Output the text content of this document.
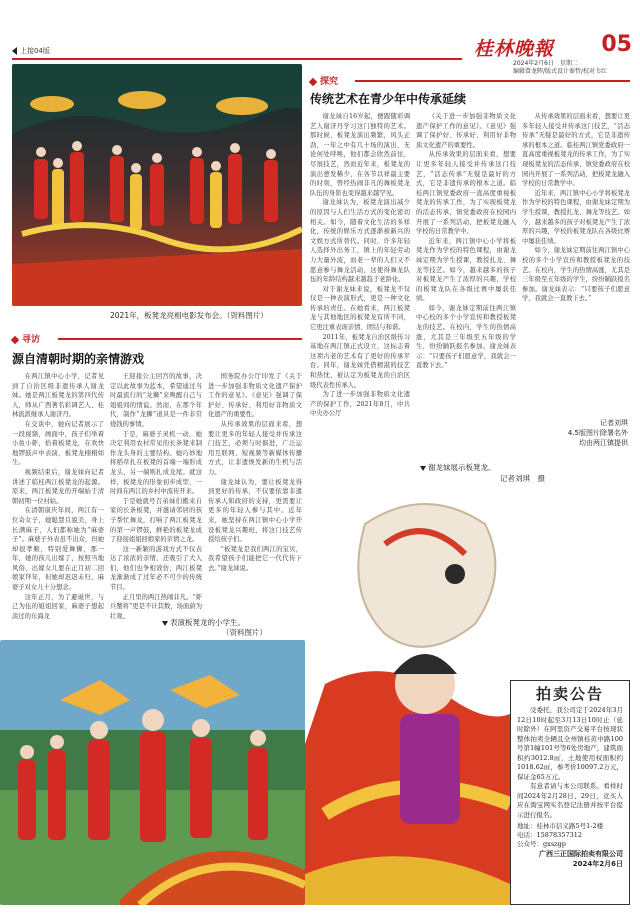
上接04版	桂林晚報 05
2024年2月6日　星期二
编辑曾龙晖/版式设计秦哲/校对韦红
2021年，板凳龙亮相电影发布会。（资料图片）
寻访
源自清朝时期的亲情游戏

在两江镇中心小学，记者见到了自治区级非遗传承人谢龙妹。她是两江板凳龙的第四代传人，师从广西著名彩调艺人、桂林流派继承人谢济丹。

在交谈中，她向记者展示了一段视频，画面中，孩子们举着小鱼小虾，拾着板凳龙，在欢快地锣鼓声中表演，板凳龙栩栩如生。

视频结束后，谢龙妹向记者讲述了临桂两江板凳龙的起源。原来，两江板凳龙的开端始于清朝初期一位村姑。

在清朝康庆年间，两江有一位奇女子，她聪慧且貌美，身上长满麻子，人们都称她为“麻婆子”。麻婆子外表虽不出众，但她却很孝顺，特别爱舞狮，那一年，她的孩儿出嫁了，按照当地风俗，出嫁女儿要在正月初二回娘家拜年，但她却迟迟未归，麻婆子对女儿十分想念。

这年正月，为了避诞世，与己为伍的姐姐回家，麻婆子想起淡过的东海龙

王迎接公主回宫的故事，决定以此故事为蓝本，希望通过当时最流行的“龙狮”来唤醒自己与姐姐间的情谊。然而，在那个年代，制作“龙狮”道具是一件非常烧钱的事情。

于是，麻婆子灵机一动，她决定利用农村常见的长条凳来制作龙头身的主要结构。她巧妙地将稻草扎在板凳的首端一端形成龙头，另一端则扎成龙尾。就这样，板凳龙的形象初步成型，一时间在两江的乡村中流传开来。

于是她就号召弟妹们搬来自家的长条板凳，并邀请邻居的孩子帮忙舞龙，打响了两江板凳龙的第一声锣鼓，鲜艳的板凳龙成了迎接姐姐回娘家的亲情之龙。

这一新颖的游戏方式不仅表达了浓浓的亲情，还吸引了大人们，他们也争相效仿，两江板凳龙渐渐成了过年必不可少的传统节目。

正月里的两江热闹非凡。“虾兵蟹将”更是不计其数，场面蔚为壮观。

国务院办公厅印发了《关于进一步加强非物质文化遗产保护工作的意见》。《意见》强调了保护好、传承好、利用好非物质文化遗产的重要性。

从传承效果的层面来看，想要让更多的年轻人接受并传承这门技艺，必须与时俱进，广泛运用互联网、短视频等新媒体传播方式，让非遗焕发新的生机与活力。

谢龙妹认为，要让板凳龙得到更好的传承，不仅要依靠非遗传承人和政府的支持，更需要让更多的年轻人参与其中。近年来，她坚持在两江镇中心小学开设板凳龙兴趣班，将这门技艺传授给孩子们。

“板凳龙是我们两江的宝贝，我希望孩子们能把它一代代传下去。”谢龙妹说。

表演板凳龙的小学生。
（资料图片）
探究
传统艺术在青少年中传承延续

谢龙妹自16岁起，便跟随彩调艺人谢济丹学习这门独特的艺术。那时候，板凳龙演出频繁，风头正劲，一年之中有几十场的演出，无论何处呼唤，他们都会欣然前往，尽展技艺，然而近年来，板凳龙的演出愈发稀少，在各节以祥最主要的时刻，曾经热闹非凡的舞板凳龙队伍的身影也变得越来越罕见。

谢龙妹认为，板凳龙演出减少的原因与人们生活方式的变化密切相关。如今，随着文化生活的多样化，传统的娱乐方式逐渐被新兴的文娱方式所替代。同时，许多年轻人选择外出务工，镇上的年轻劳动力大量外流，而老一辈的人们又不愿意参与舞龙活动，这使得舞龙队伍的年龄结构越来越趋于老龄化。

对于谢龙妹来说，板凳龙不仅仅是一种表演形式，更是一种文化传承的责任。在她看来，两江板凳龙与其他地区的板凳龙有所不同，它更注重表现亲情、团结与和谐。

2011年，板凳龙自治区级传习基地在两江镇正式设立，这标志着这项古老的艺术有了更好的传承平台。同年，谢龙妹凭借精湛的技艺和热忱，被认定为板凳龙的自治区级代表性传承人。

为了进一步加强非物质文化遗产的保护工作，2021年8月，中共中央办公厅

《关于进一步加强非物质文化遗产保护工作的意见》。《意见》强调了保护好、传承好、利用好非物质文化遗产的重要性。

从传承效果的层面来看，想要让更多年轻人接受并传承这门技艺，“活态传承”无疑是最好的方式，它是非遗传承的根本之道。临桂两江镇党委政府一直高度重视板凳龙的传承工作，为了实现板凳龙的活态传承，镇党委政府在校园内开展了一系列活动，把板凳龙融入学校的日常教学中。

近年来，两江镇中心小学将板凳龙作为学校的特色课程，由谢龙妹定期为学生授课，教授扎龙、舞龙等技艺。如今，越来越多的孩子对板凳龙产生了浓厚的兴趣，学校的板凳龙队在各级比赛中屡获佳绩。

如今，谢龙妹定期前往两江镇中心校的多个小学宣传和教授板凳龙的技艺。在校内，学生的热情高涨，尤其是三年级至五年级的学生，纷纷踊跃报名参加。谢龙妹表示：“只要孩子们愿意学，我就会一直教下去。”

从传承效果的层面来看，想要让更多年轻人接受并传承这门技艺，“活态传承”无疑是最好的方式，它是非遗传承的根本之道。临桂两江镇党委政府一直高度重视板凳龙的传承工作，为了实现板凳龙的活态传承，镇党委政府在校园内开展了一系列活动，把板凳龙融入学校的日常教学中。

近年来，两江镇中心小学将板凳龙作为学校的特色课程，由谢龙妹定期为学生授课，教授扎龙、舞龙等技艺。如今，越来越多的孩子对板凳龙产生了浓厚的兴趣，学校的板凳龙队在各级比赛中屡获佳绩。

如今，谢龙妹定期前往两江镇中心校的多个小学宣传和教授板凳龙的技艺。在校内，学生的热情高涨，尤其是三年级至五年级的学生，纷纷踊跃报名参加。谢龙妹表示：“只要孩子们愿意学，我就会一直教下去。”

记者刘琪
4.5版图片除署名外
均由两江镇提供
谢龙妹展示板凳龙。
记者刘琪　摄
拍卖公告

受委托，我公司定于2024年3月12日10时起至3月13日10时止（延时除外）在阿里资产交易平台按现状整体拍卖全辆且全州镇桂黄中路100号第1幢101号等6处房地产，建筑面积约3012.8㎡，土地使用权面积约1018.62㎡，参考价10097.2万元，保证金65万元。

有意者请与本公司联系。看样时间2024年2月28日、29日，竞买人应在淘宝网实名登记注册并按平台提示进行报名。

地址：桂林市信义路5号1-2楼
电话：15878357312
公众号：gxszgp
广西三正国际拍卖有限公司
2024年2月6日
